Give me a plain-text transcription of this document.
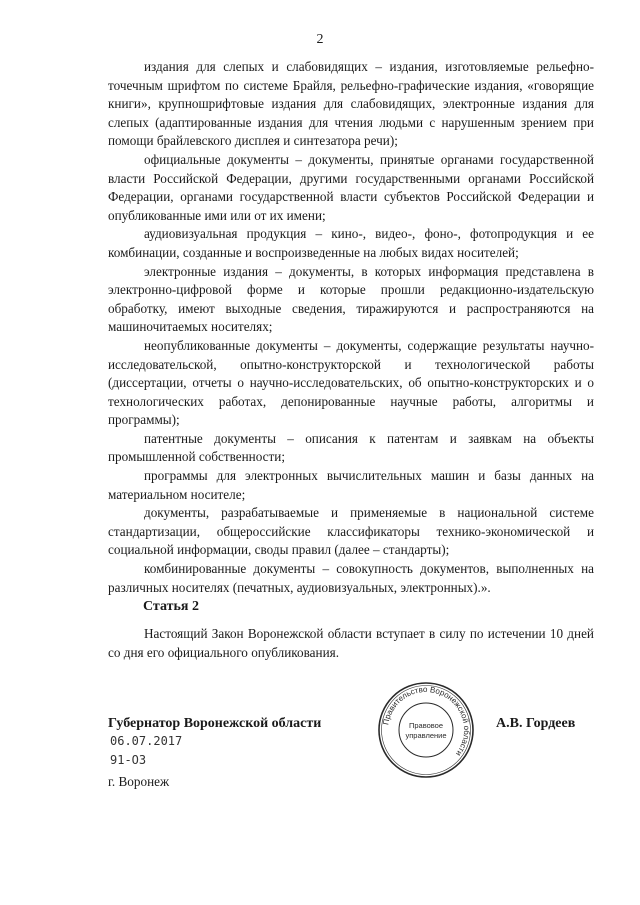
2

издания для слепых и слабовидящих – издания, изготовляемые рельефно-точечным шрифтом по системе Брайля, рельефно-графические издания, «говорящие книги», крупношрифтовые издания для слабовидящих, электронные издания для слепых (адаптированные издания для чтения людьми с нарушенным зрением при помощи брайлевского дисплея и синтезатора речи);

официальные документы – документы, принятые органами государственной власти Российской Федерации, другими государственными органами Российской Федерации, органами государственной власти субъектов Российской Федерации и опубликованные ими или от их имени;

аудиовизуальная продукция – кино-, видео-, фоно-, фотопродукция и ее комбинации, созданные и воспроизведенные на любых видах носителей;

электронные издания – документы, в которых информация представлена в электронно-цифровой форме и которые прошли редакционно-издательскую обработку, имеют выходные сведения, тиражируются и распространяются на машиночитаемых носителях;

неопубликованные документы – документы, содержащие результаты научно-исследовательской, опытно-конструкторской и технологической работы (диссертации, отчеты о научно-исследовательских, об опытно-конструкторских и о технологических работах, депонированные научные работы, алгоритмы и программы);

патентные документы – описания к патентам и заявкам на объекты промышленной собственности;

программы для электронных вычислительных машин и базы данных на материальном носителе;

документы, разрабатываемые и применяемые в национальной системе стандартизации, общероссийские классификаторы технико-экономической и социальной информации, своды правил (далее – стандарты);

комбинированные документы – совокупность документов, выполненных на различных носителях (печатных, аудиовизуальных, электронных).».

Статья 2

Настоящий Закон Воронежской области вступает в силу по истечении 10 дней со дня его официального опубликования.

Губернатор Воронежской области
06.07.2017
91-ОЗ
г. Воронеж
А.В. Гордеев
Правительство Воронежской области
Правовое
управление
